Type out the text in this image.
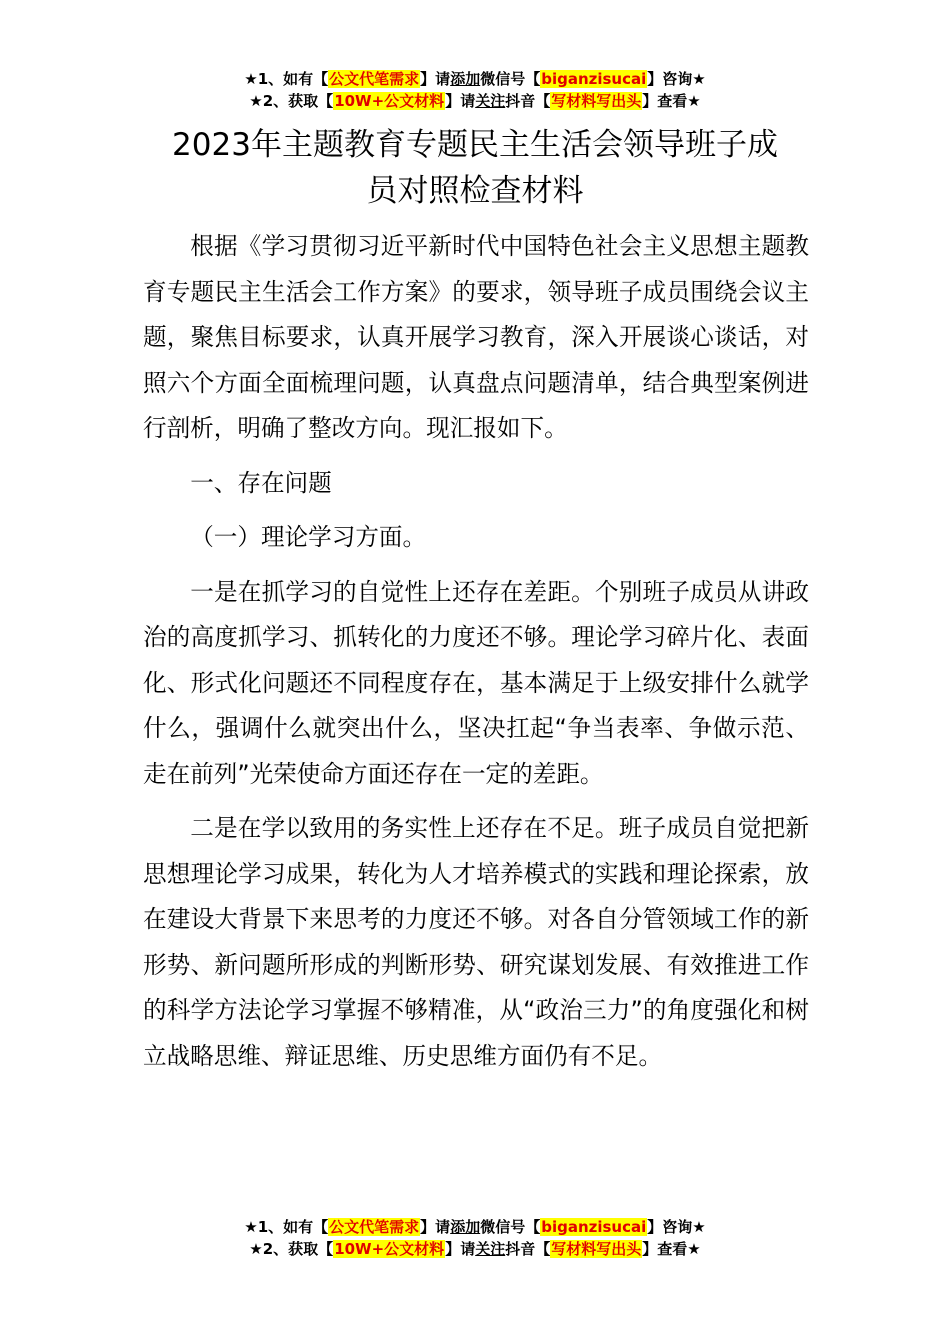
★1、如有【公文代笔需求】请添加微信号【biganzisucai】咨询★
★2、获取【10W+公文材料】请关注抖音【写材料写出头】查看★
2023年主题教育专题民主生活会领导班子成
员对照检查材料

根据《学习贯彻习近平新时代中国特色社会主义思想主题教育专题民主生活会工作方案》的要求，领导班子成员围绕会议主题，聚焦目标要求，认真开展学习教育，深入开展谈心谈话，对照六个方面全面梳理问题，认真盘点问题清单，结合典型案例进行剖析，明确了整改方向。现汇报如下。

一、存在问题

（一）理论学习方面。

一是在抓学习的自觉性上还存在差距。个别班子成员从讲政治的高度抓学习、抓转化的力度还不够。理论学习碎片化、表面化、形式化问题还不同程度存在，基本满足于上级安排什么就学什么，强调什么就突出什么，坚决扛起“争当表率、争做示范、走在前列”光荣使命方面还存在一定的差距。

二是在学以致用的务实性上还存在不足。班子成员自觉把新思想理论学习成果，转化为人才培养模式的实践和理论探索，放在建设大背景下来思考的力度还不够。对各自分管领域工作的新形势、新问题所形成的判断形势、研究谋划发展、有效推进工作的科学方法论学习掌握不够精准，从“政治三力”的角度强化和树立战略思维、辩证思维、历史思维方面仍有不足。

★1、如有【公文代笔需求】请添加微信号【biganzisucai】咨询★
★2、获取【10W+公文材料】请关注抖音【写材料写出头】查看★
